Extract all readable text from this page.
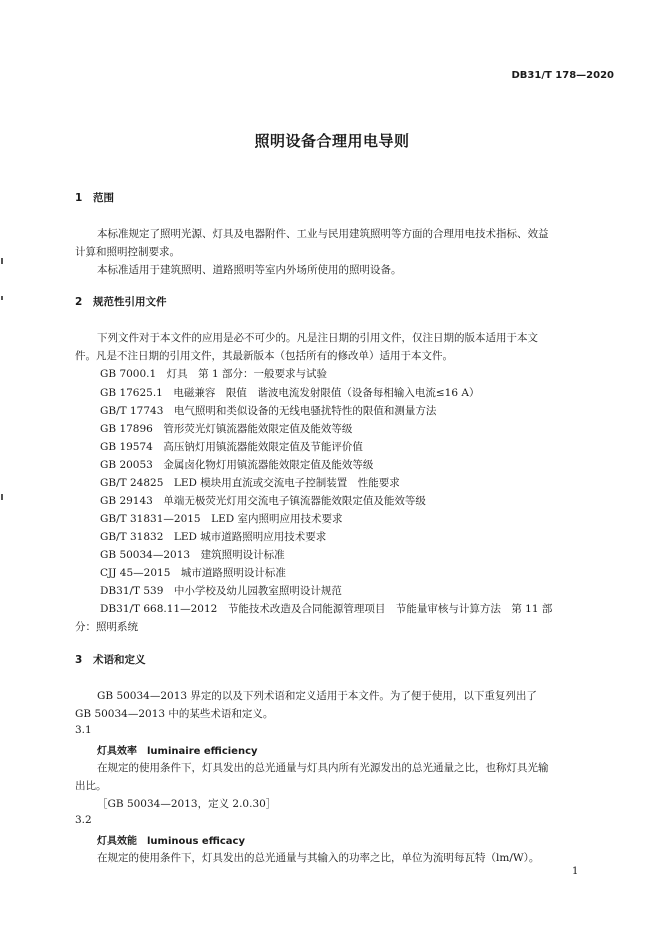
DB31/T 178—2020
照明设备合理用电导则
1 范围
本标准规定了照明光源、灯具及电器附件、工业与民用建筑照明等方面的合理用电技术指标、效益
计算和照明控制要求。
本标准适用于建筑照明、道路照明等室内外场所使用的照明设备。
2 规范性引用文件
下列文件对于本文件的应用是必不可少的。凡是注日期的引用文件，仅注日期的版本适用于本文
件。凡是不注日期的引用文件，其最新版本（包括所有的修改单）适用于本文件。
GB 7000.1　灯具　第 1 部分：一般要求与试验
GB 17625.1　电磁兼容　限值　谐波电流发射限值（设备每相输入电流≤16 A）
GB/T 17743　电气照明和类似设备的无线电骚扰特性的限值和测量方法
GB 17896　管形荧光灯镇流器能效限定值及能效等级
GB 19574　高压钠灯用镇流器能效限定值及节能评价值
GB 20053　金属卤化物灯用镇流器能效限定值及能效等级
GB/T 24825　LED 模块用直流或交流电子控制装置　性能要求
GB 29143　单端无极荧光灯用交流电子镇流器能效限定值及能效等级
GB/T 31831—2015　LED 室内照明应用技术要求
GB/T 31832　LED 城市道路照明应用技术要求
GB 50034—2013　建筑照明设计标准
CJJ 45—2015　城市道路照明设计标准
DB31/T 539　中小学校及幼儿园教室照明设计规范
DB31/T 668.11—2012　节能技术改造及合同能源管理项目　节能量审核与计算方法　第 11 部
分：照明系统
3 术语和定义
GB 50034—2013 界定的以及下列术语和定义适用于本文件。为了便于使用，以下重复列出了
GB 50034—2013 中的某些术语和定义。
3.1
灯具效率　luminaire efficiency
在规定的使用条件下，灯具发出的总光通量与灯具内所有光源发出的总光通量之比，也称灯具光输
出比。
［GB 50034—2013，定义 2.0.30］
3.2
灯具效能　luminous efficacy
在规定的使用条件下，灯具发出的总光通量与其输入的功率之比，单位为流明每瓦特（lm/W）。
1
